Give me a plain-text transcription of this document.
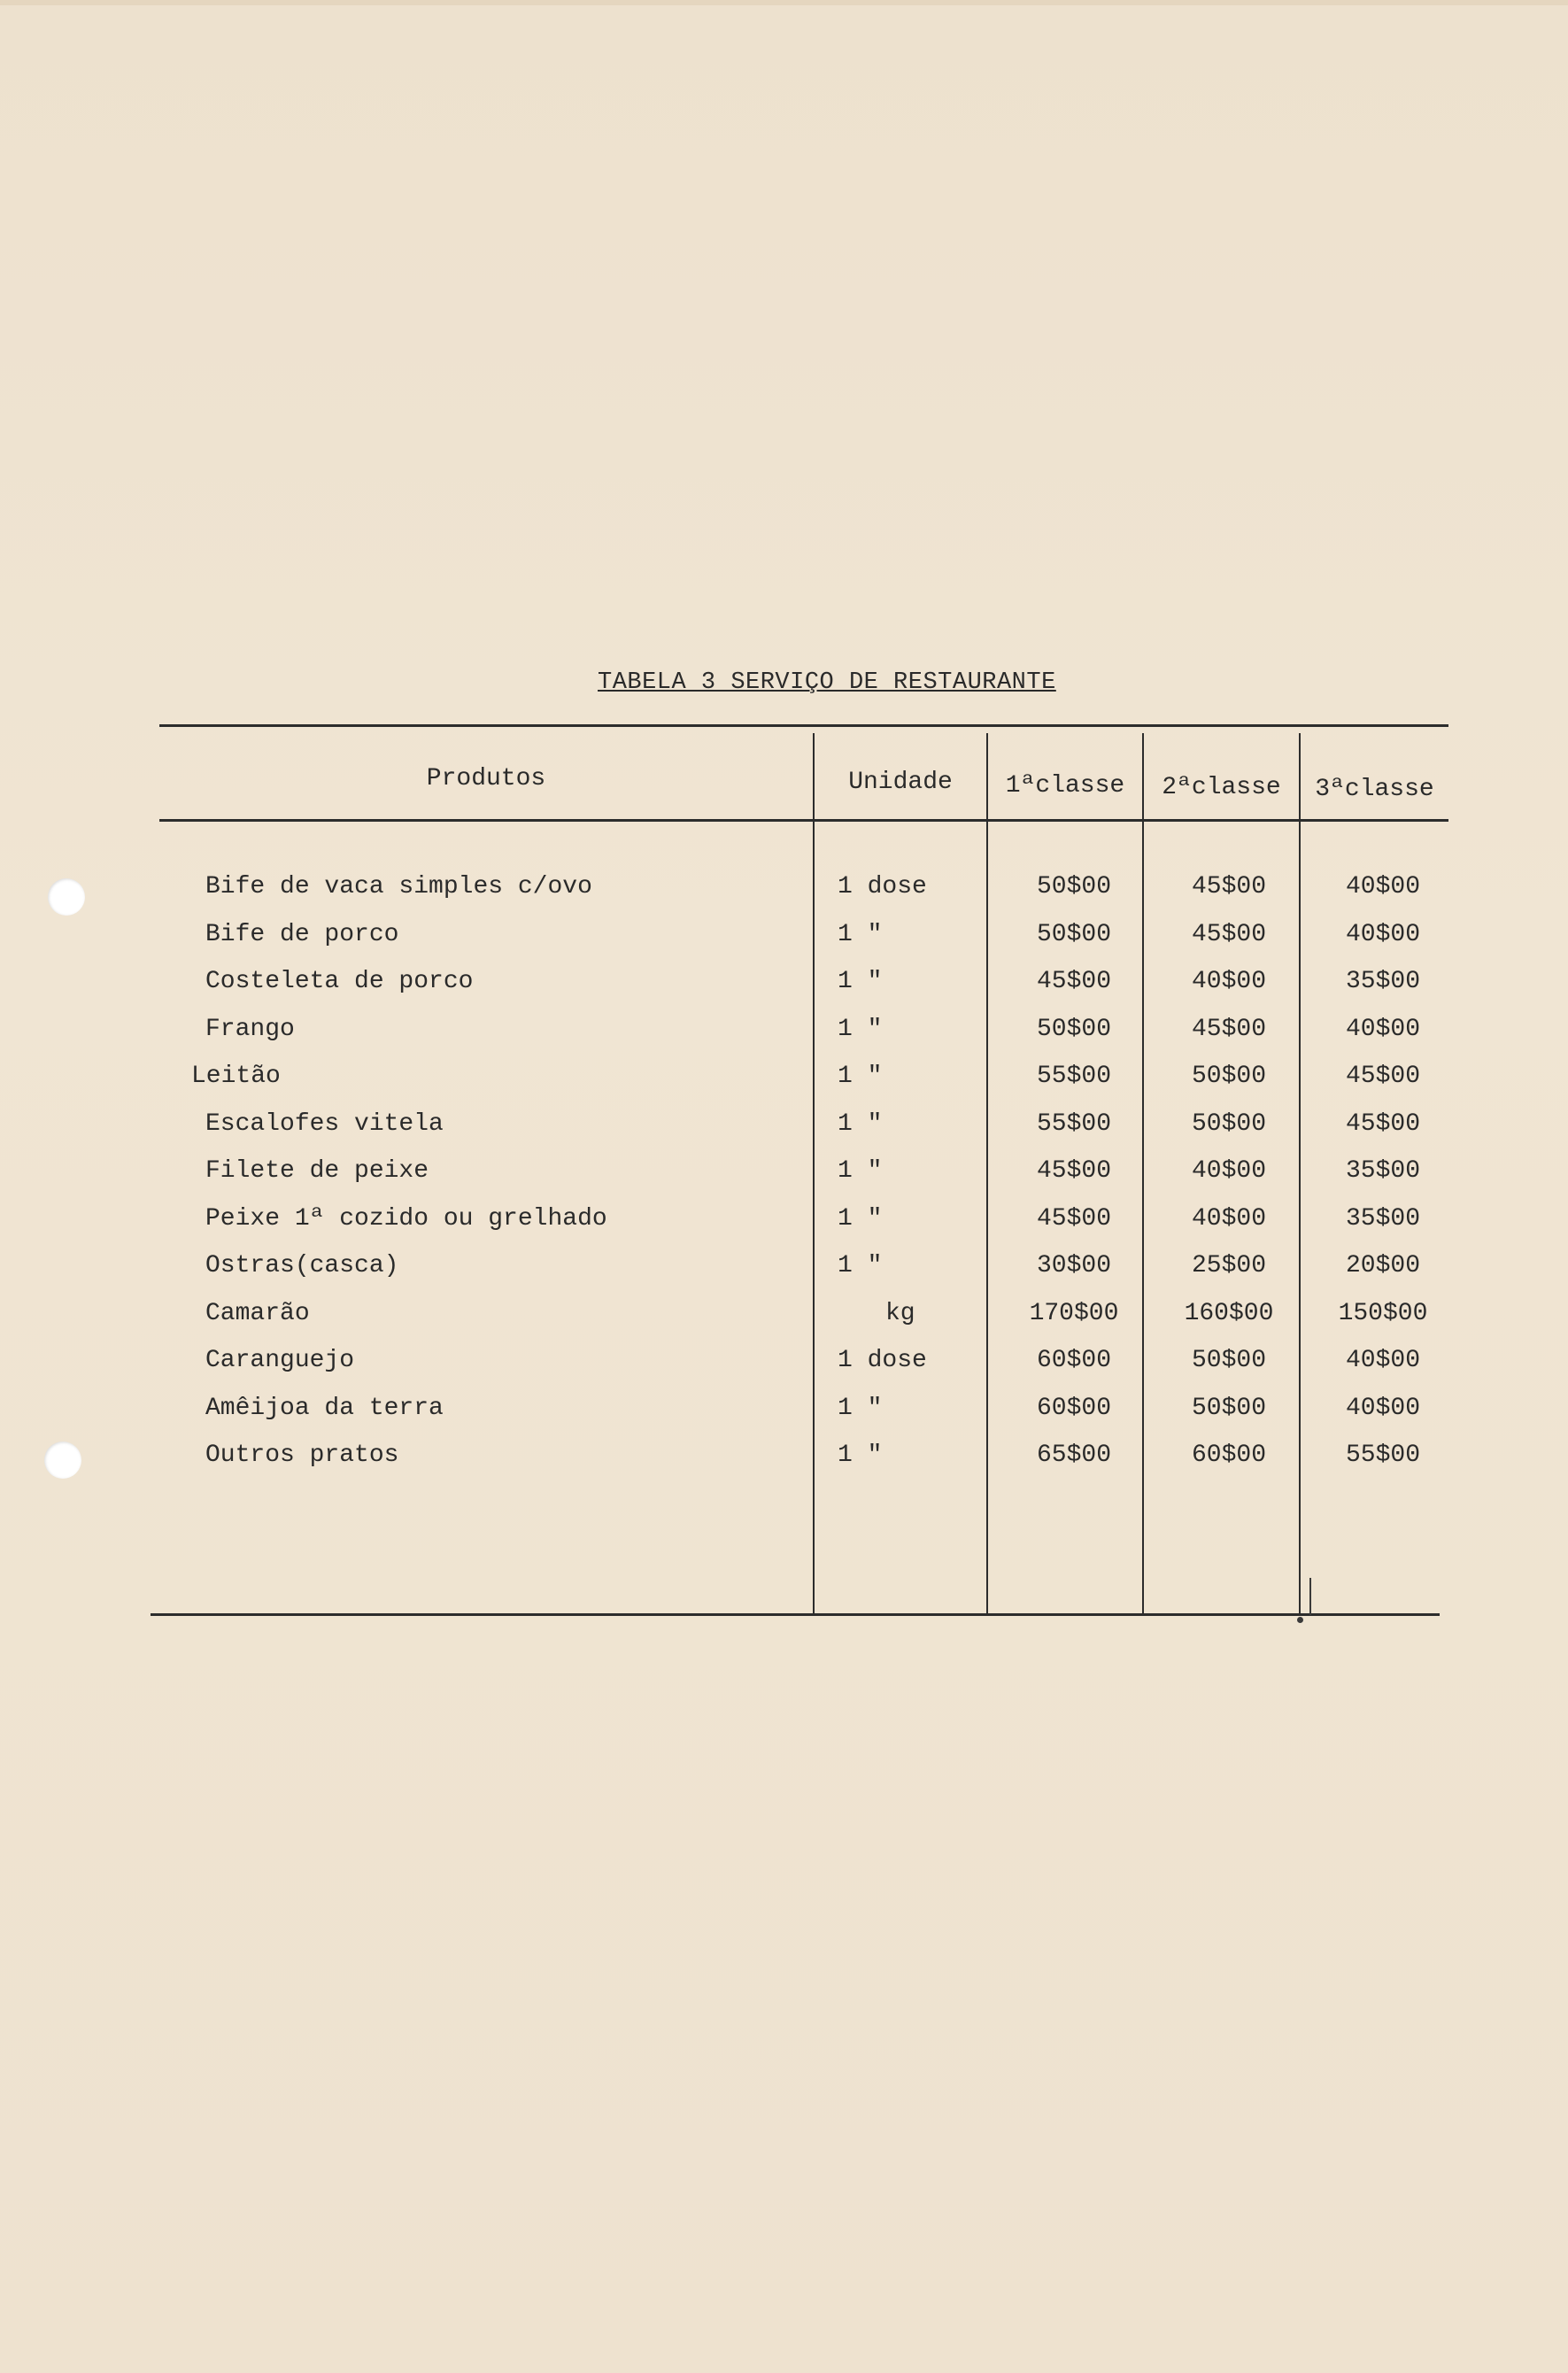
TABELA 3 SERVIÇO DE RESTAURANTE
Produtos	Unidade	1ªclasse	2ªclasse	3ªclasse
Bife de vaca simples c/ovo	1 dose	50$00	45$00	40$00
Bife de porco	1 "	50$00	45$00	40$00
Costeleta de porco	1 "	45$00	40$00	35$00
Frango	1 "	50$00	45$00	40$00
Leitão	1 "	55$00	50$00	45$00
Escalofes vitela	1 "	55$00	50$00	45$00
Filete de peixe	1 "	45$00	40$00	35$00
Peixe 1ª cozido ou grelhado	1 "	45$00	40$00	35$00
Ostras(casca)	1 "	30$00	25$00	20$00
Camarão	kg	170$00	160$00	150$00
Caranguejo	1 dose	60$00	50$00	40$00
Amêijoa da terra	1 "	60$00	50$00	40$00
Outros pratos	1 "	65$00	60$00	55$00
